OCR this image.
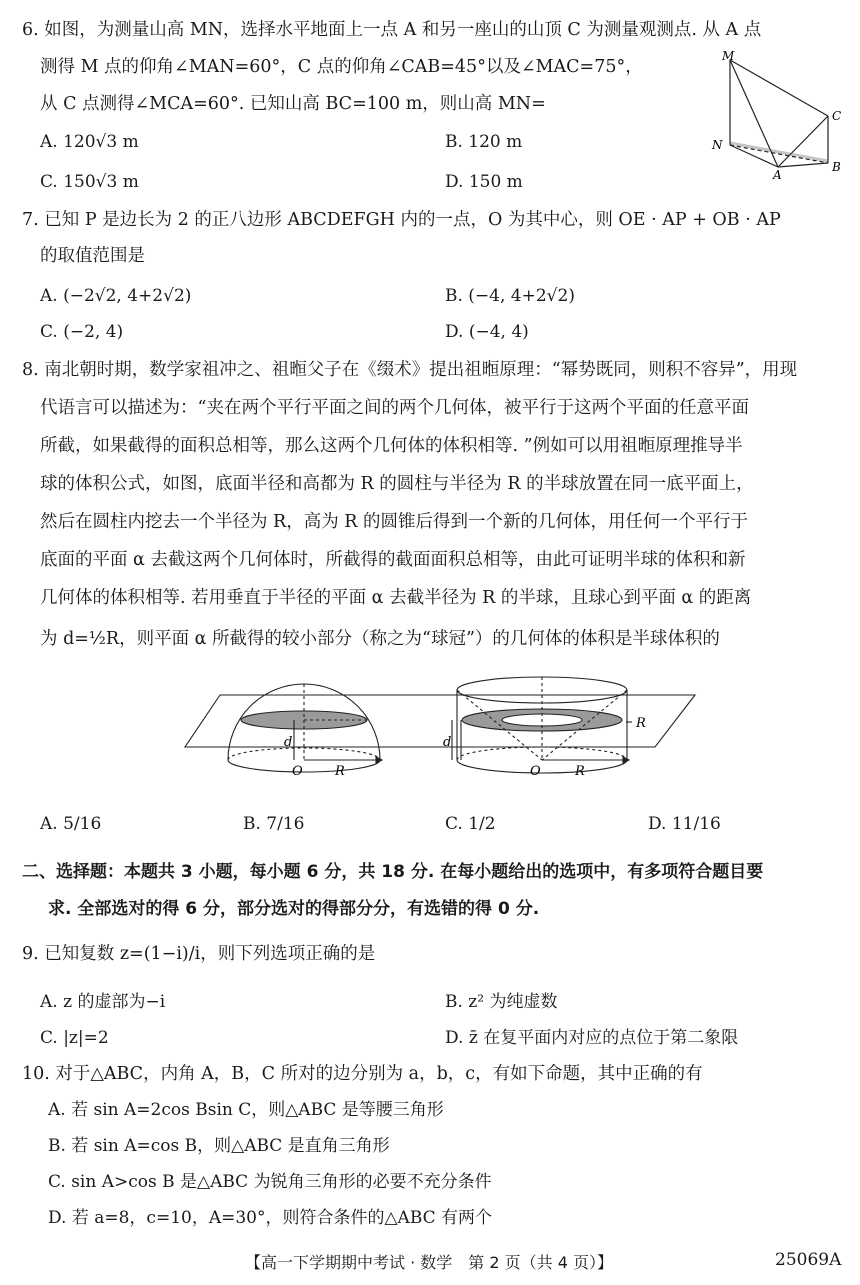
6. 如图，为测量山高 MN，选择水平地面上一点 A 和另一座山的山顶 C 为测量观测点. 从 A 点
测得 M 点的仰角∠MAN=60°，C 点的仰角∠CAB=45°以及∠MAC=75°，
从 C 点测得∠MCA=60°. 已知山高 BC=100 m，则山高 MN=
A. 120√3 m	B. 120 m
C. 150√3 m	D. 150 m
M
N
A
B
C
7. 已知 P 是边长为 2 的正八边形 ABCDEFGH 内的一点，O 为其中心，则 OE · AP + OB · AP
的取值范围是
A. (−2√2, 4+2√2)	B. (−4, 4+2√2)
C. (−2, 4)	D. (−4, 4)
8. 南北朝时期，数学家祖冲之、祖暅父子在《缀术》提出祖暅原理：“幂势既同，则积不容异”，用现
代语言可以描述为：“夹在两个平行平面之间的两个几何体，被平行于这两个平面的任意平面
所截，如果截得的面积总相等，那么这两个几何体的体积相等. ”例如可以用祖暅原理推导半
球的体积公式，如图，底面半径和高都为 R 的圆柱与半径为 R 的半球放置在同一底平面上，
然后在圆柱内挖去一个半径为 R，高为 R 的圆锥后得到一个新的几何体，用任何一个平行于
底面的平面 α 去截这两个几何体时，所截得的截面面积总相等，由此可证明半球的体积和新
几何体的体积相等. 若用垂直于半径的平面 α 去截半径为 R 的半球，且球心到平面 α 的距离
为 d=½R，则平面 α 所截得的较小部分（称之为“球冠”）的几何体的体积是半球体积的
d
O R
d
O	R
R
A. 5/16	B. 7/16	C. 1/2	D. 11/16
二、选择题：本题共 3 小题，每小题 6 分，共 18 分. 在每小题给出的选项中，有多项符合题目要
求. 全部选对的得 6 分，部分选对的得部分分，有选错的得 0 分.
9. 已知复数 z=(1−i)/i，则下列选项正确的是
A. z 的虚部为−i	B. z² 为纯虚数
C. |z|=2	D. z̄ 在复平面内对应的点位于第二象限
10. 对于△ABC，内角 A，B，C 所对的边分别为 a，b，c，有如下命题，其中正确的有
A. 若 sin A=2cos Bsin C，则△ABC 是等腰三角形
B. 若 sin A=cos B，则△ABC 是直角三角形
C. sin A>cos B 是△ABC 为锐角三角形的必要不充分条件
D. 若 a=8，c=10，A=30°，则符合条件的△ABC 有两个
【高一下学期期中考试 · 数学　第 2 页（共 4 页）】	25069A
